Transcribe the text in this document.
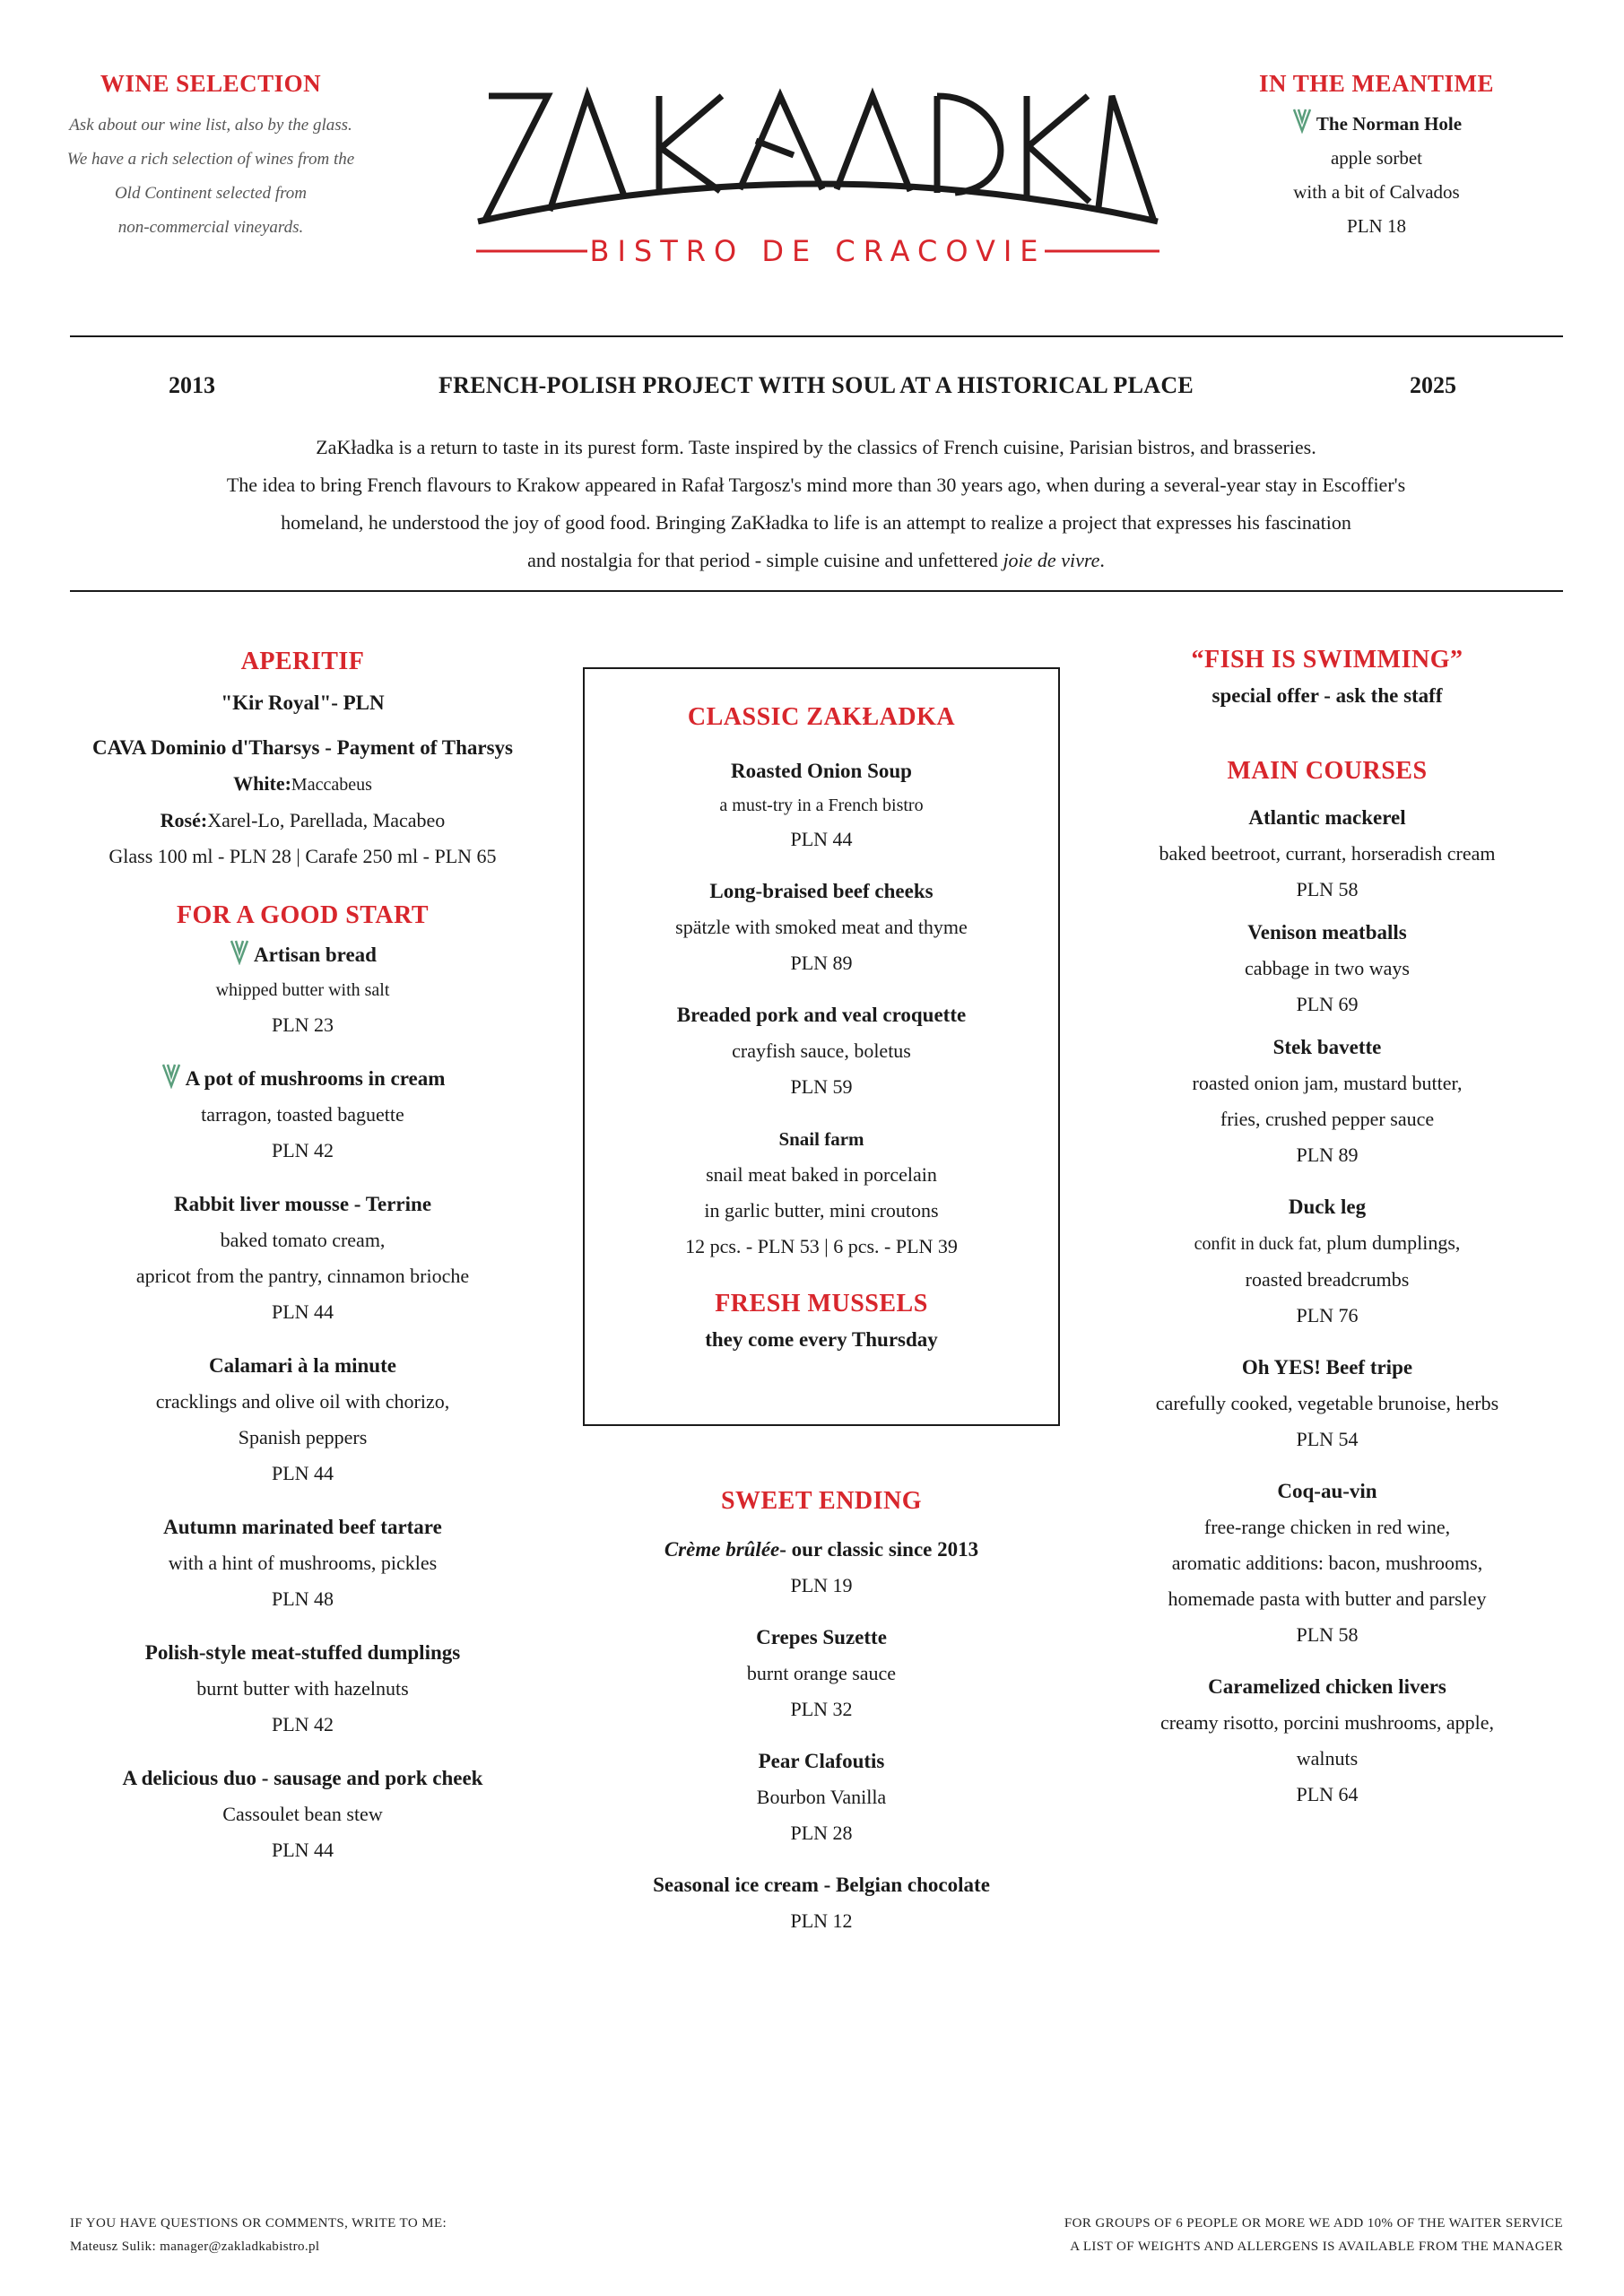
WINE SELECTION
Ask about our wine list, also by the glass.
We have a rich selection of wines from the
Old Continent selected from
non-commercial vineyards.
BISTRO DE CRACOVIE
IN THE MEANTIME
The Norman Hole
apple sorbet
with a bit of Calvados
PLN 18
2013	FRENCH-POLISH PROJECT WITH SOUL AT A HISTORICAL PLACE	2025

ZaKładka is a return to taste in its purest form. Taste inspired by the classics of French cuisine, Parisian bistros, and brasseries.

The idea to bring French flavours to Krakow appeared in Rafał Targosz's mind more than 30 years ago, when during a several-year stay in Escoffier's

homeland, he understood the joy of good food. Bringing ZaKładka to life is an attempt to realize a project that expresses his fascination

and nostalgia for that period - simple cuisine and unfettered joie de vivre.

APERITIF
"Kir Royal"- PLN
CAVA Dominio d'Tharsys - Payment of Tharsys
White:Maccabeus
Rosé:Xarel-Lo, Parellada, Macabeo
Glass 100 ml - PLN 28 | Carafe 250 ml - PLN 65
FOR A GOOD START
Artisan bread
whipped butter with salt
PLN 23
A pot of mushrooms in cream
tarragon, toasted baguette
PLN 42
Rabbit liver mousse - Terrine
baked tomato cream,
apricot from the pantry, cinnamon brioche
PLN 44
Calamari à la minute
cracklings and olive oil with chorizo,
Spanish peppers
PLN 44
Autumn marinated beef tartare
with a hint of mushrooms, pickles
PLN 48
Polish-style meat-stuffed dumplings
burnt butter with hazelnuts
PLN 42
A delicious duo - sausage and pork cheek
Cassoulet bean stew
PLN 44
CLASSIC ZAKŁADKA
Roasted Onion Soup
a must-try in a French bistro
PLN 44
Long-braised beef cheeks
spätzle with smoked meat and thyme
PLN 89
Breaded pork and veal croquette
crayfish sauce, boletus
PLN 59
Snail farm
snail meat baked in porcelain
in garlic butter, mini croutons
12 pcs. - PLN 53 | 6 pcs. - PLN 39
FRESH MUSSELS
they come every Thursday
SWEET ENDING
Crème brûlée- our classic since 2013
PLN 19
Crepes Suzette
burnt orange sauce
PLN 32
Pear Clafoutis
Bourbon Vanilla
PLN 28
Seasonal ice cream - Belgian chocolate
PLN 12
“FISH IS SWIMMING”
special offer - ask the staff
MAIN COURSES
Atlantic mackerel
baked beetroot, currant, horseradish cream
PLN 58
Venison meatballs
cabbage in two ways
PLN 69
Stek bavette
roasted onion jam, mustard butter,
fries, crushed pepper sauce
PLN 89
Duck leg
confit in duck fat, plum dumplings,
roasted breadcrumbs
PLN 76
Oh YES! Beef tripe
carefully cooked, vegetable brunoise, herbs
PLN 54
Coq-au-vin
free-range chicken in red wine,
aromatic additions: bacon, mushrooms,
homemade pasta with butter and parsley
PLN 58
Caramelized chicken livers
creamy risotto, porcini mushrooms, apple,
walnuts
PLN 64
IF YOU HAVE QUESTIONS OR COMMENTS, WRITE TO ME:
Mateusz Sulik: manager@zakladkabistro.pl
FOR GROUPS OF 6 PEOPLE OR MORE WE ADD 10% OF THE WAITER SERVICE
A LIST OF WEIGHTS AND ALLERGENS IS AVAILABLE FROM THE MANAGER
